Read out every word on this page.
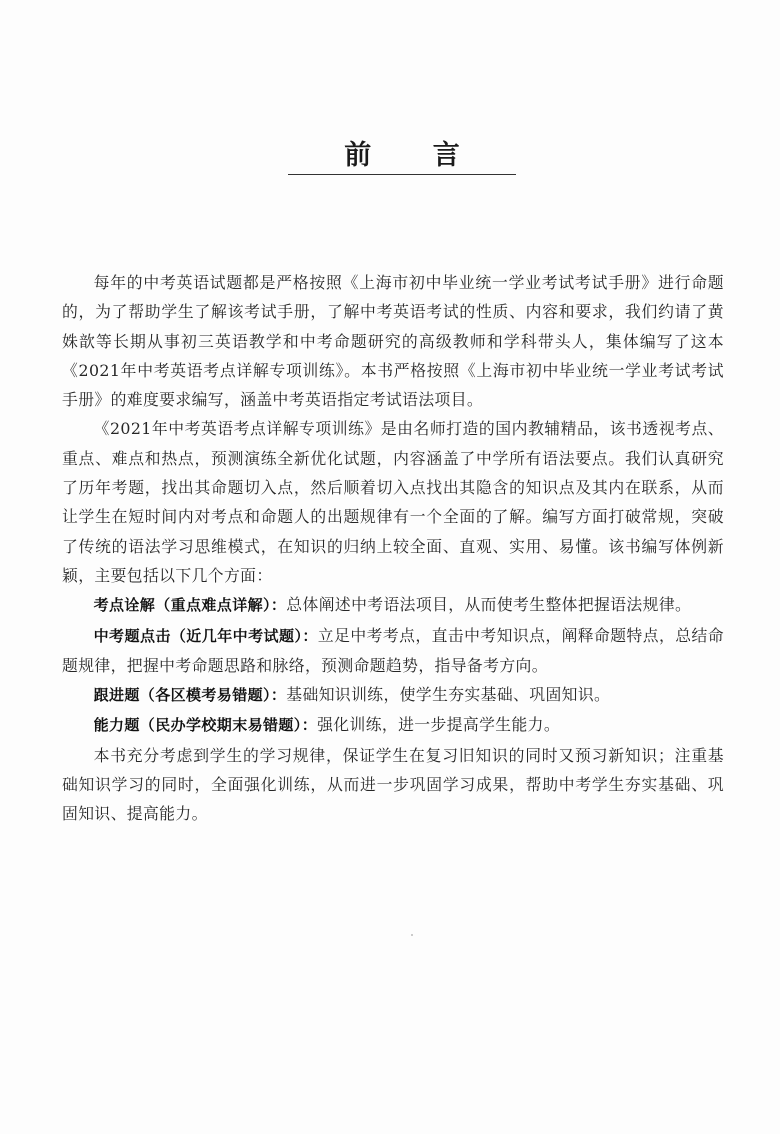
前 言

每年的中考英语试题都是严格按照《上海市初中毕业统一学业考试考试手册》进行命题的，为了帮助学生了解该考试手册，了解中考英语考试的性质、内容和要求，我们约请了黄姝歆等长期从事初三英语教学和中考命题研究的高级教师和学科带头人，集体编写了这本《2021年中考英语考点详解专项训练》。本书严格按照《上海市初中毕业统一学业考试考试手册》的难度要求编写，涵盖中考英语指定考试语法项目。

《2021年中考英语考点详解专项训练》是由名师打造的国内教辅精品，该书透视考点、重点、难点和热点，预测演练全新优化试题，内容涵盖了中学所有语法要点。我们认真研究了历年考题，找出其命题切入点，然后顺着切入点找出其隐含的知识点及其内在联系，从而让学生在短时间内对考点和命题人的出题规律有一个全面的了解。编写方面打破常规，突破了传统的语法学习思维模式，在知识的归纳上较全面、直观、实用、易懂。该书编写体例新颖，主要包括以下几个方面：

考点诠解（重点难点详解）：总体阐述中考语法项目，从而使考生整体把握语法规律。

中考题点击（近几年中考试题）：立足中考考点，直击中考知识点，阐释命题特点，总结命题规律，把握中考命题思路和脉络，预测命题趋势，指导备考方向。

跟进题（各区模考易错题）：基础知识训练，使学生夯实基础、巩固知识。

能力题（民办学校期末易错题）：强化训练，进一步提高学生能力。

本书充分考虑到学生的学习规律，保证学生在复习旧知识的同时又预习新知识；注重基础知识学习的同时，全面强化训练，从而进一步巩固学习成果，帮助中考学生夯实基础、巩固知识、提高能力。
